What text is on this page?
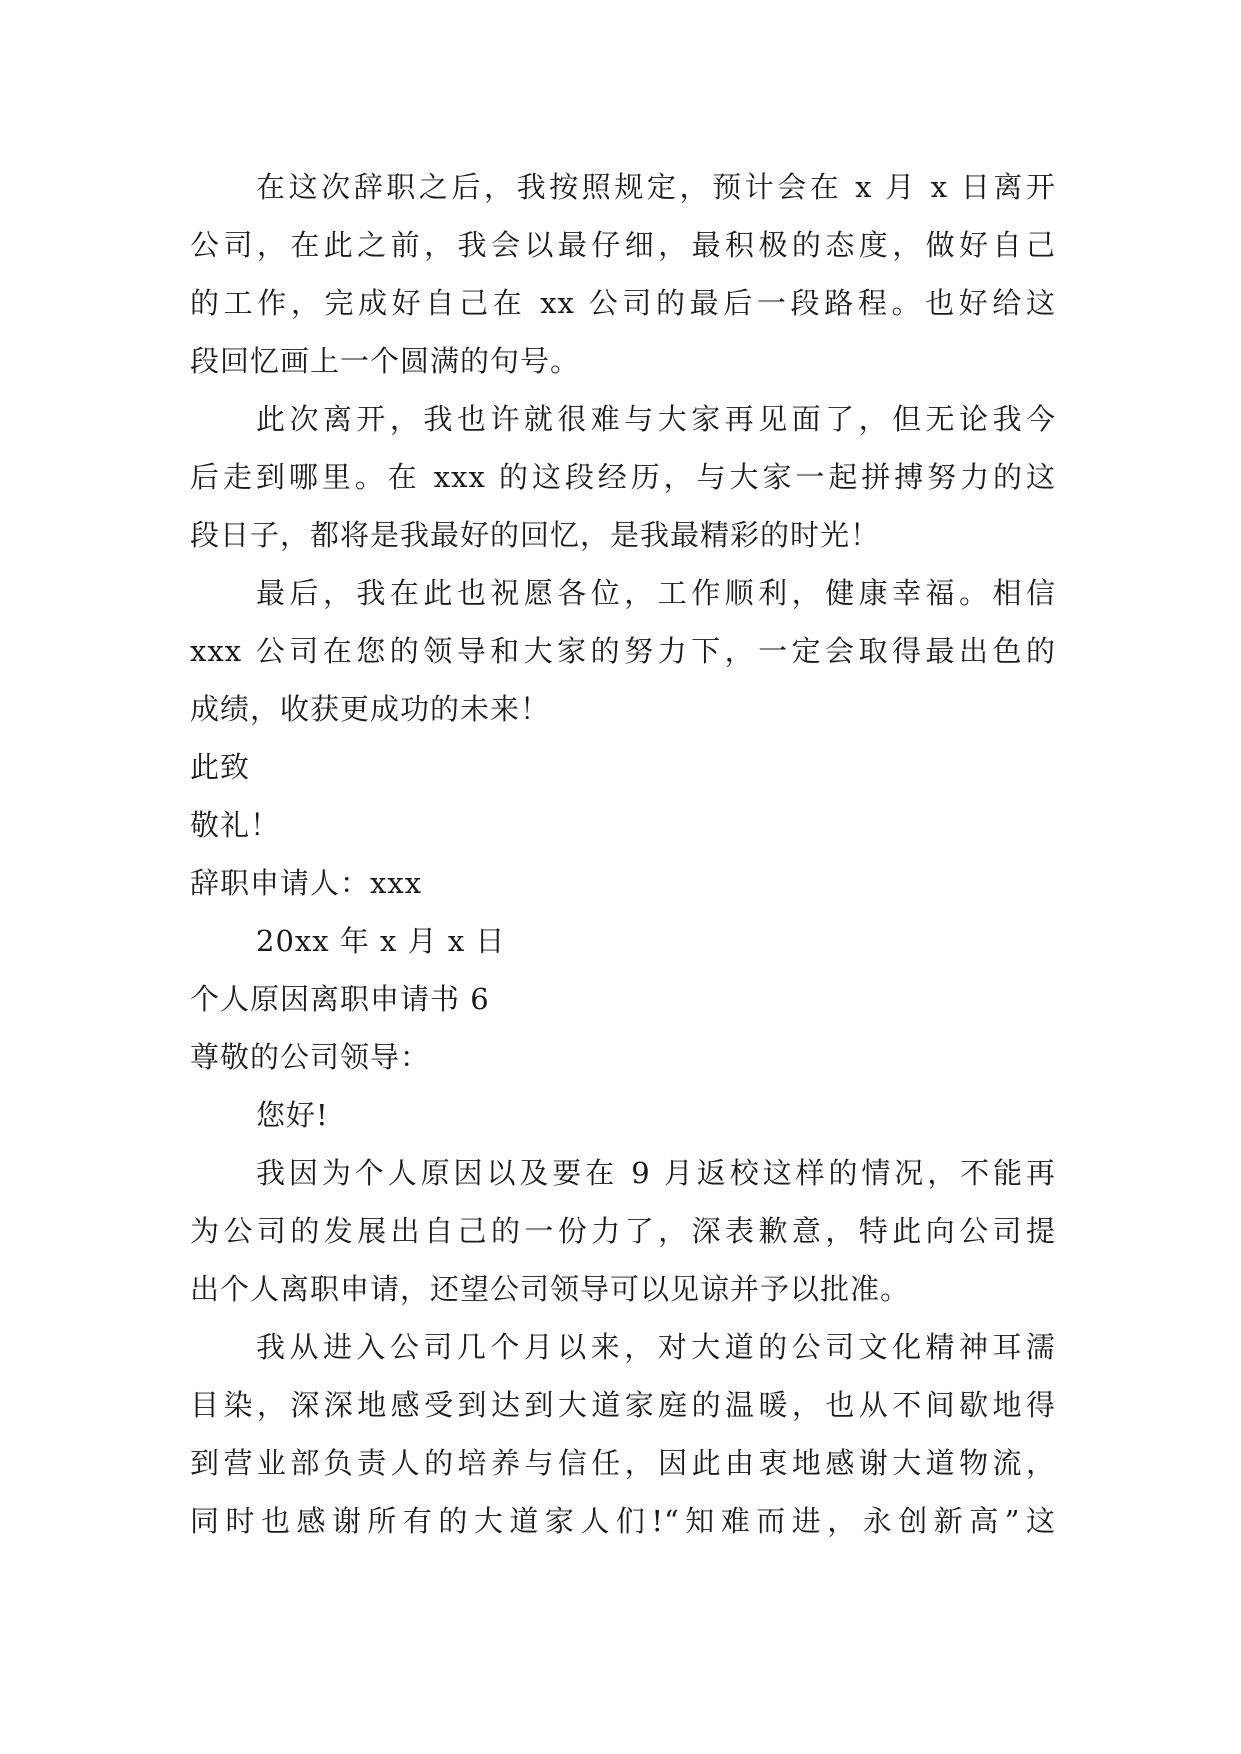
在这次辞职之后，我按照规定，预计会在 x 月 x 日离开
公司，在此之前，我会以最仔细，最积极的态度，做好自己
的工作，完成好自己在 xx 公司的最后一段路程。也好给这
段回忆画上一个圆满的句号。
此次离开，我也许就很难与大家再见面了，但无论我今
后走到哪里。在 xxx 的这段经历，与大家一起拼搏努力的这
段日子，都将是我最好的回忆，是我最精彩的时光！
最后，我在此也祝愿各位，工作顺利，健康幸福。相信
xxx 公司在您的领导和大家的努力下，一定会取得最出色的
成绩，收获更成功的未来！
此致
敬礼！
辞职申请人：xxx
20xx 年 x 月 x 日
个人原因离职申请书 6
尊敬的公司领导：
您好!
我因为个人原因以及要在 9 月返校这样的情况，不能再
为公司的发展出自己的一份力了，深表歉意，特此向公司提
出个人离职申请，还望公司领导可以见谅并予以批准。
我从进入公司几个月以来，对大道的公司文化精神耳濡
目染，深深地感受到达到大道家庭的温暖，也从不间歇地得
到营业部负责人的培养与信任，因此由衷地感谢大道物流，
同时也感谢所有的大道家人们!“知难而进，永创新高”这
